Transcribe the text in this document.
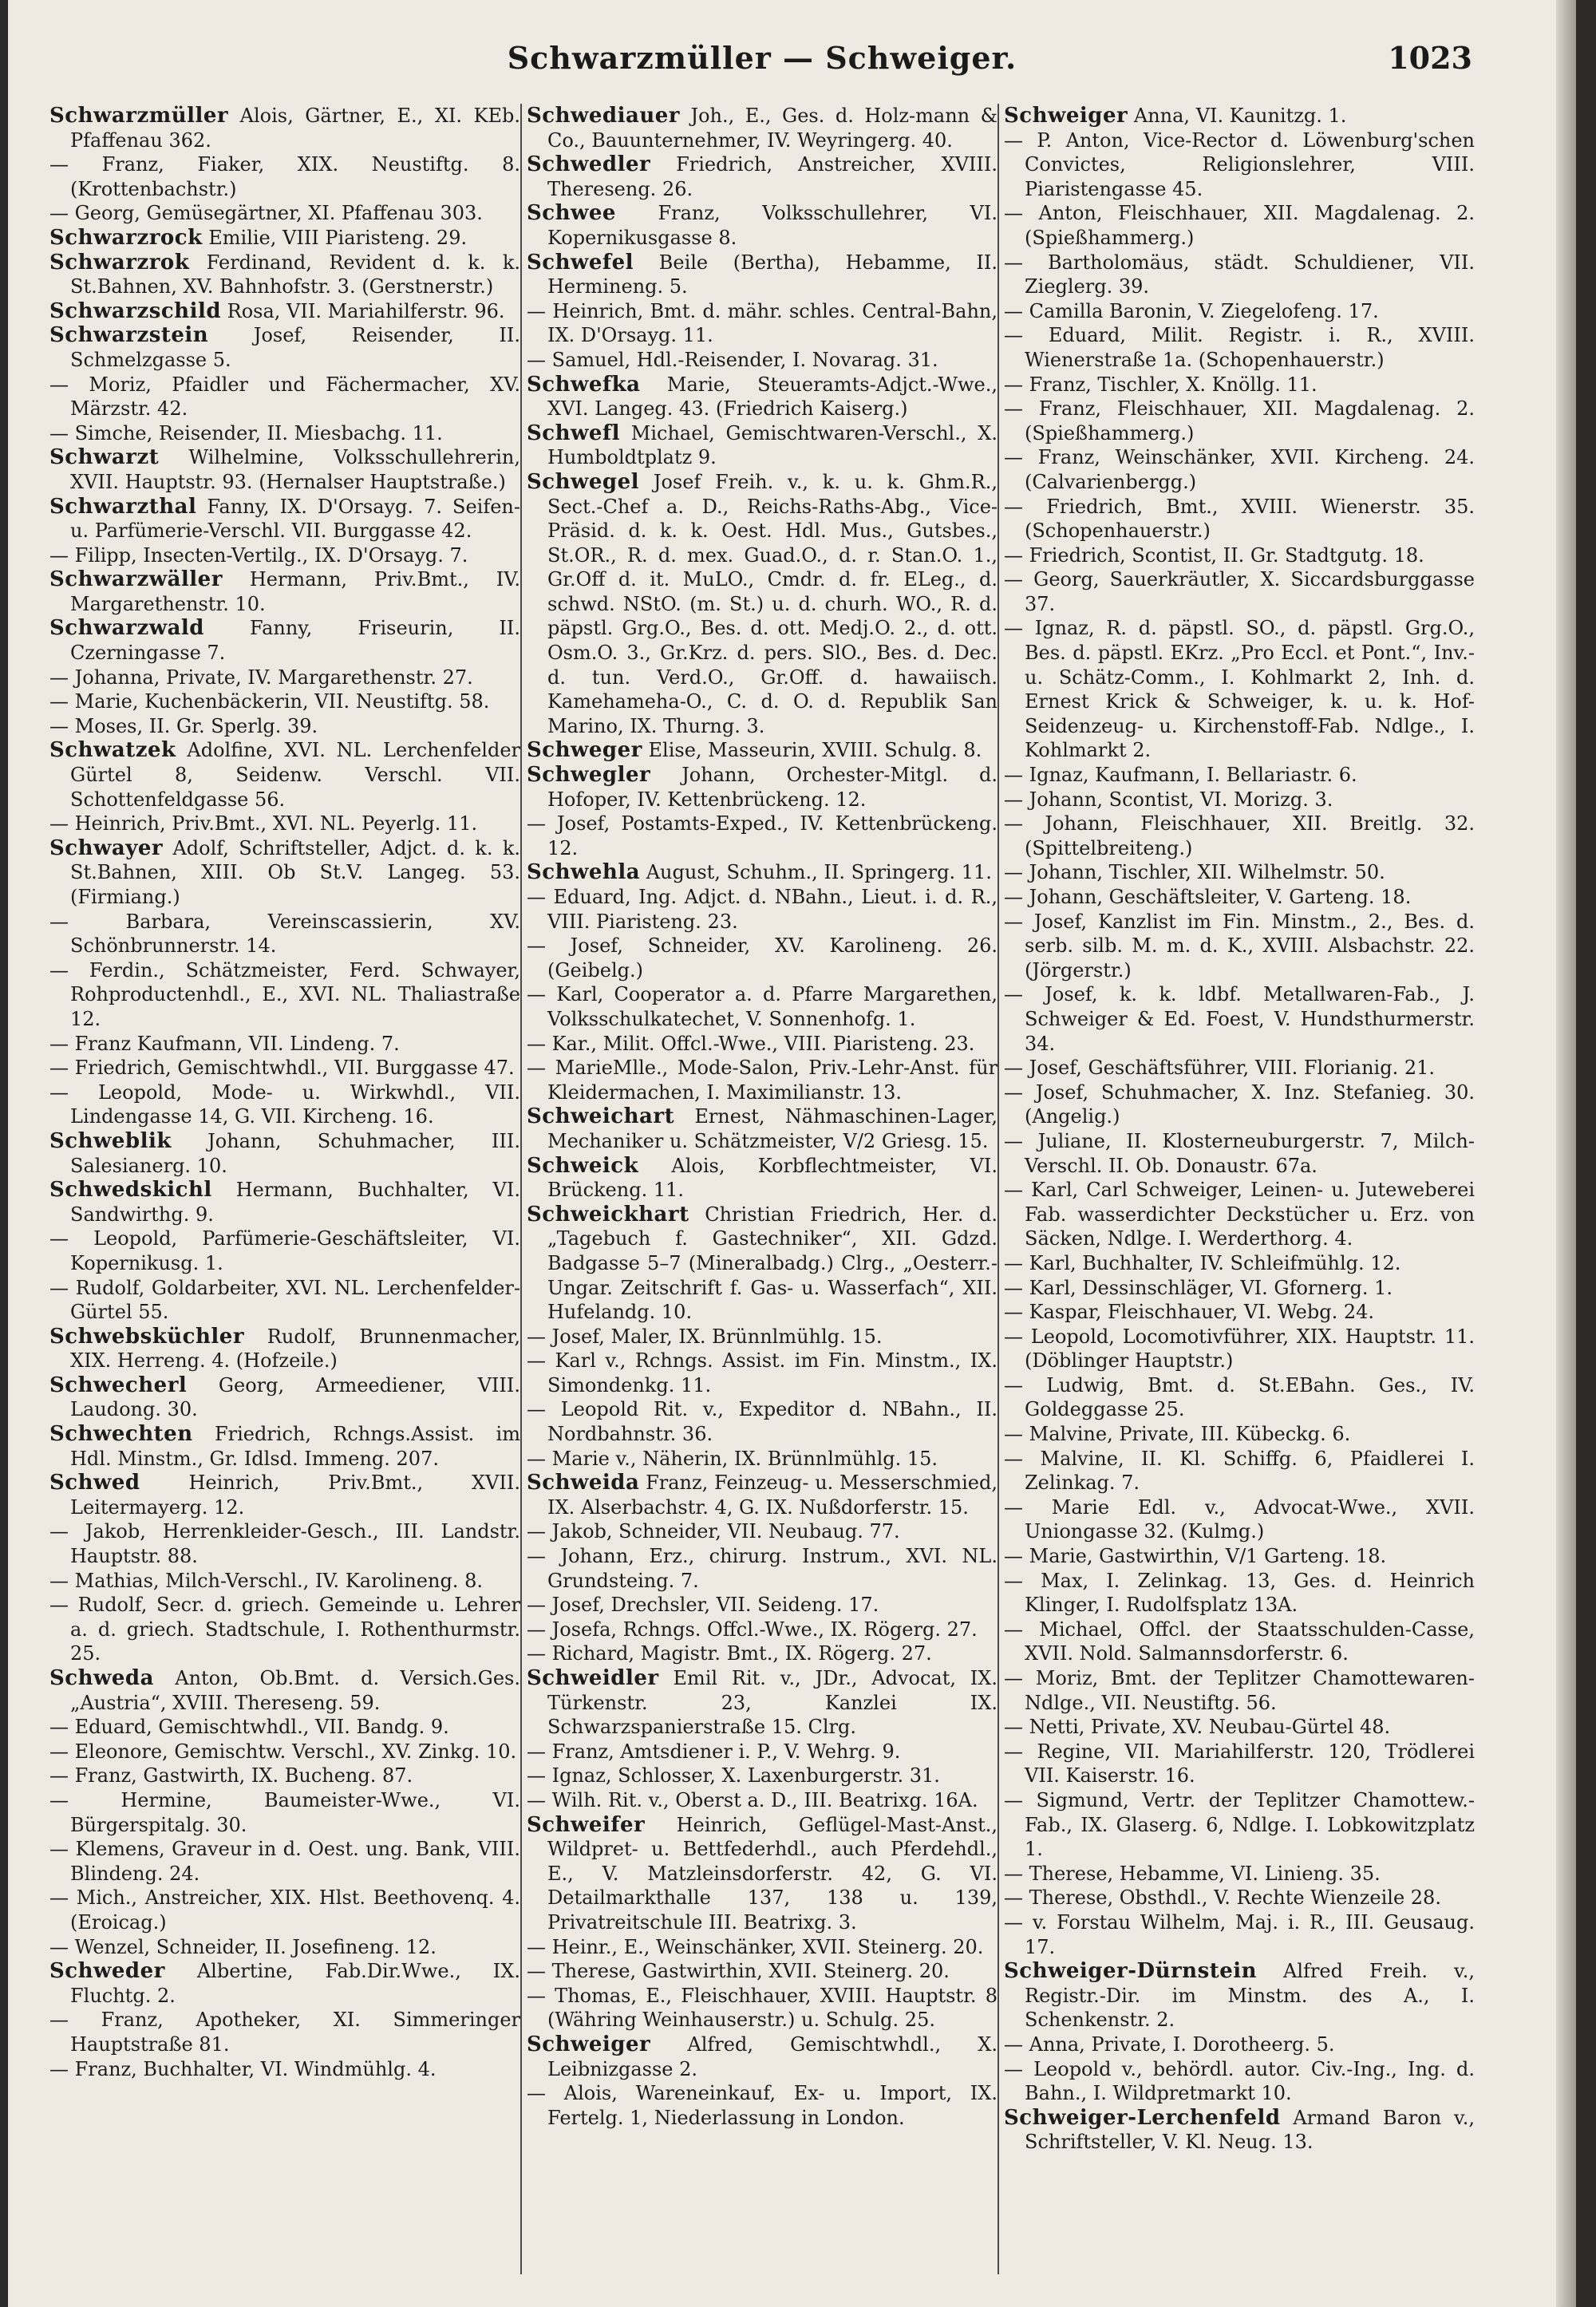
Schwarzmüller — Schweiger.	1023

Schwarzmüller Alois, Gärtner, E., XI. KEb. Pfaffenau 362.

— Franz, Fiaker, XIX. Neustiftg. 8. (Krottenbachstr.)

— Georg, Gemüsegärtner, XI. Pfaffenau 303.

Schwarzrock Emilie, VIII Piaristeng. 29.

Schwarzrok Ferdinand, Revident d. k. k. St.Bahnen, XV. Bahnhofstr. 3. (Gerstnerstr.)

Schwarzschild Rosa, VII. Mariahilferstr. 96.

Schwarzstein Josef, Reisender, II. Schmelzgasse 5.

— Moriz, Pfaidler und Fächermacher, XV. Märzstr. 42.

— Simche, Reisender, II. Miesbachg. 11.

Schwarzt Wilhelmine, Volksschullehrerin, XVII. Hauptstr. 93. (Hernalser Hauptstraße.)

Schwarzthal Fanny, IX. D'Orsayg. 7. Seifen- u. Parfümerie-Verschl. VII. Burggasse 42.

— Filipp, Insecten-Vertilg., IX. D'Orsayg. 7.

Schwarzwäller Hermann, Priv.Bmt., IV. Margarethenstr. 10.

Schwarzwald Fanny, Friseurin, II. Czerningasse 7.

— Johanna, Private, IV. Margarethenstr. 27.

— Marie, Kuchenbäckerin, VII. Neustiftg. 58.

— Moses, II. Gr. Sperlg. 39.

Schwatzek Adolfine, XVI. NL. Lerchenfelder Gürtel 8, Seidenw. Verschl. VII. Schottenfeldgasse 56.

— Heinrich, Priv.Bmt., XVI. NL. Peyerlg. 11.

Schwayer Adolf, Schriftsteller, Adjct. d. k. k. St.Bahnen, XIII. Ob St.V. Langeg. 53. (Firmiang.)

— Barbara, Vereinscassierin, XV. Schönbrunnerstr. 14.

— Ferdin., Schätzmeister, Ferd. Schwayer, Rohproductenhdl., E., XVI. NL. Thaliastraße 12.

— Franz Kaufmann, VII. Lindeng. 7.

— Friedrich, Gemischtwhdl., VII. Burggasse 47.

— Leopold, Mode- u. Wirkwhdl., VII. Lindengasse 14, G. VII. Kircheng. 16.

Schweblik Johann, Schuhmacher, III. Salesianerg. 10.

Schwedskichl Hermann, Buchhalter, VI. Sandwirthg. 9.

— Leopold, Parfümerie-Geschäftsleiter, VI. Kopernikusg. 1.

— Rudolf, Goldarbeiter, XVI. NL. Lerchenfelder-Gürtel 55.

Schwebsküchler Rudolf, Brunnenmacher, XIX. Herreng. 4. (Hofzeile.)

Schwecherl Georg, Armeediener, VIII. Laudong. 30.

Schwechten Friedrich, Rchngs.Assist. im Hdl. Minstm., Gr. Idlsd. Immeng. 207.

Schwed	Heinrich, Priv.Bmt., XVII. Leitermayerg. 12.

— Jakob, Herrenkleider-Gesch., III. Landstr. Hauptstr. 88.

— Mathias, Milch-Verschl., IV. Karolineng. 8.

— Rudolf, Secr. d. griech. Gemeinde u. Lehrer a. d. griech. Stadtschule, I. Rothenthurmstr. 25.

Schweda Anton, Ob.Bmt. d. Versich.Ges. „Austria“, XVIII. Thereseng. 59.

— Eduard, Gemischtwhdl., VII. Bandg. 9.

— Eleonore, Gemischtw. Verschl., XV. Zinkg. 10.

— Franz, Gastwirth, IX. Bucheng. 87.

— Hermine, Baumeister-Wwe., VI. Bürgerspitalg. 30.

— Klemens, Graveur in d. Oest. ung. Bank, VIII. Blindeng. 24.

— Mich., Anstreicher, XIX. Hlst. Beethovenq. 4. (Eroicag.)

— Wenzel, Schneider, II. Josefineng. 12.

Schweder Albertine, Fab.Dir.Wwe., IX. Fluchtg. 2.

— Franz, Apotheker, XI. Simmeringer Hauptstraße 81.

— Franz, Buchhalter, VI. Windmühlg. 4.

Schwediauer Joh., E., Ges. d. Holz-mann & Co., Bauunternehmer, IV. Weyringerg. 40.

Schwedler Friedrich, Anstreicher, XVIII. Thereseng. 26.

Schwee Franz, Volksschullehrer, VI. Kopernikusgasse 8.

Schwefel Beile (Bertha), Hebamme, II. Hermineng. 5.

— Heinrich, Bmt. d. mähr. schles. Central-Bahn, IX. D'Orsayg. 11.

— Samuel, Hdl.-Reisender, I. Novarag. 31.

Schwefka Marie, Steueramts-Adjct.-Wwe., XVI. Langeg. 43. (Friedrich Kaiserg.)

Schwefl Michael, Gemischtwaren-Verschl., X. Humboldtplatz 9.

Schwegel Josef Freih. v., k. u. k. Ghm.R., Sect.-Chef a. D., Reichs-Raths-Abg., Vice-Präsid. d. k. k. Oest. Hdl. Mus., Gutsbes., St.OR., R. d. mex. Guad.O., d. r. Stan.O. 1., Gr.Off d. it. MuLO., Cmdr. d. fr. ELeg., d. schwd. NStO. (m. St.) u. d. churh. WO., R. d. päpstl. Grg.O., Bes. d. ott. Medj.O. 2., d. ott. Osm.O. 3., Gr.Krz. d. pers. SlO., Bes. d. Dec. d. tun. Verd.O., Gr.Off. d. hawaiisch. Kamehameha-O., C. d. O. d. Republik San Marino, IX. Thurng. 3.

Schweger Elise, Masseurin, XVIII. Schulg. 8.

Schwegler Johann, Orchester-Mitgl. d. Hofoper, IV. Kettenbrückeng. 12.

— Josef, Postamts-Exped., IV. Kettenbrückeng. 12.

Schwehla August, Schuhm., II. Springerg. 11.

— Eduard, Ing. Adjct. d. NBahn., Lieut. i. d. R., VIII. Piaristeng. 23.

— Josef, Schneider, XV. Karolineng. 26. (Geibelg.)

— Karl, Cooperator a. d. Pfarre Margarethen, Volksschulkatechet, V. Sonnenhofg. 1.

— Kar., Milit. Offcl.-Wwe., VIII. Piaristeng. 23.

— MarieMlle., Mode-Salon, Priv.-Lehr-Anst. für Kleidermachen, I. Maximilianstr. 13.

Schweichart Ernest, Nähmaschinen-Lager, Mechaniker u. Schätzmeister, V/2 Griesg. 15.

Schweick Alois, Korbflechtmeister, VI. Brückeng. 11.

Schweickhart Christian Friedrich, Her. d. „Tagebuch f. Gastechniker“, XII. Gdzd. Badgasse 5–7 (Mineralbadg.) Clrg., „Oesterr.-Ungar. Zeitschrift f. Gas- u. Wasserfach“, XII. Hufelandg. 10.

— Josef, Maler, IX. Brünnlmühlg. 15.

— Karl v., Rchngs. Assist. im Fin. Minstm., IX. Simondenkg. 11.

— Leopold Rit. v., Expeditor d. NBahn., II. Nordbahnstr. 36.

— Marie v., Näherin, IX. Brünnlmühlg. 15.

Schweida Franz, Feinzeug- u. Messerschmied, IX. Alserbachstr. 4, G. IX. Nußdorferstr. 15.

— Jakob, Schneider, VII. Neubaug. 77.

— Johann, Erz., chirurg. Instrum., XVI. NL. Grundsteing. 7.

— Josef, Drechsler, VII. Seideng. 17.

— Josefa, Rchngs. Offcl.-Wwe., IX. Rögerg. 27.

— Richard, Magistr. Bmt., IX. Rögerg. 27.

Schweidler Emil Rit. v., JDr., Advocat, IX. Türkenstr. 23, Kanzlei IX. Schwarzspanierstraße 15. Clrg.

— Franz, Amtsdiener i. P., V. Wehrg. 9.

— Ignaz, Schlosser, X. Laxenburgerstr. 31.

— Wilh. Rit. v., Oberst a. D., III. Beatrixg. 16A.

Schweifer Heinrich, Geflügel-Mast-Anst., Wildpret- u. Bettfederhdl., auch Pferdehdl., E., V. Matzleinsdorferstr. 42, G. VI. Detailmarkthalle 137, 138 u. 139, Privatreitschule III. Beatrixg. 3.

— Heinr., E., Weinschänker, XVII. Steinerg. 20.

— Therese, Gastwirthin, XVII. Steinerg. 20.

— Thomas, E., Fleischhauer, XVIII. Hauptstr. 8 (Währing Weinhauserstr.) u. Schulg. 25.

Schweiger Alfred, Gemischtwhdl., X. Leibnizgasse 2.

— Alois, Wareneinkauf, Ex- u. Import, IX. Fertelg. 1, Niederlassung in London.

Schweiger Anna, VI. Kaunitzg. 1.

— P. Anton, Vice-Rector d. Löwenburg'schen Convictes, Religionslehrer, VIII. Piaristengasse 45.

— Anton, Fleischhauer, XII. Magdalenag. 2. (Spießhammerg.)

— Bartholomäus, städt. Schuldiener, VII. Zieglerg. 39.

— Camilla Baronin, V. Ziegelofeng. 17.

— Eduard, Milit. Registr. i. R., XVIII. Wienerstraße 1a. (Schopenhauerstr.)

— Franz, Tischler, X. Knöllg. 11.

— Franz, Fleischhauer, XII. Magdalenag. 2. (Spießhammerg.)

— Franz, Weinschänker, XVII. Kircheng. 24. (Calvarienbergg.)

— Friedrich, Bmt., XVIII. Wienerstr. 35. (Schopenhauerstr.)

— Friedrich, Scontist, II. Gr. Stadtgutg. 18.

— Georg, Sauerkräutler, X. Siccardsburggasse 37.

— Ignaz, R. d. päpstl. SO., d. päpstl. Grg.O., Bes. d. päpstl. EKrz. „Pro Eccl. et Pont.“, Inv.- u. Schätz-Comm., I. Kohlmarkt 2, Inh. d. Ernest Krick & Schweiger, k. u. k. Hof-Seidenzeug- u. Kirchenstoff-Fab. Ndlge., I. Kohlmarkt 2.

— Ignaz, Kaufmann, I. Bellariastr. 6.

— Johann, Scontist, VI. Morizg. 3.

— Johann, Fleischhauer, XII. Breitlg. 32. (Spittelbreiteng.)

— Johann, Tischler, XII. Wilhelmstr. 50.

— Johann, Geschäftsleiter, V. Garteng. 18.

— Josef, Kanzlist im Fin. Minstm., 2., Bes. d. serb. silb. M. m. d. K., XVIII. Alsbachstr. 22. (Jörgerstr.)

— Josef, k. k. ldbf. Metallwaren-Fab., J. Schweiger & Ed. Foest, V. Hundsthurmerstr. 34.

— Josef, Geschäftsführer, VIII. Florianig. 21.

— Josef, Schuhmacher, X. Inz. Stefanieg. 30. (Angelig.)

— Juliane, II. Klosterneuburgerstr. 7, Milch-Verschl. II. Ob. Donaustr. 67a.

— Karl, Carl Schweiger, Leinen- u. Juteweberei Fab. wasserdichter Deckstücher u. Erz. von Säcken, Ndlge. I. Werderthorg. 4.

— Karl, Buchhalter, IV. Schleifmühlg. 12.

— Karl, Dessinschläger, VI. Gfornerg. 1.

— Kaspar, Fleischhauer, VI. Webg. 24.

— Leopold, Locomotivführer, XIX. Hauptstr. 11. (Döblinger Hauptstr.)

— Ludwig, Bmt. d. St.EBahn. Ges., IV. Goldeggasse 25.

— Malvine, Private, III. Kübeckg. 6.

— Malvine, II. Kl. Schiffg. 6, Pfaidlerei I. Zelinkag. 7.

— Marie Edl. v., Advocat-Wwe., XVII. Uniongasse 32. (Kulmg.)

— Marie, Gastwirthin, V/1 Garteng. 18.

— Max, I. Zelinkag. 13, Ges. d. Heinrich Klinger, I. Rudolfsplatz 13A.

— Michael, Offcl. der Staatsschulden-Casse, XVII. Nold. Salmannsdorferstr. 6.

— Moriz, Bmt. der Teplitzer Chamottewaren-Ndlge., VII. Neustiftg. 56.

— Netti, Private, XV. Neubau-Gürtel 48.

— Regine, VII. Mariahilferstr. 120, Trödlerei VII. Kaiserstr. 16.

— Sigmund, Vertr. der Teplitzer Chamottew.-Fab., IX. Glaserg. 6, Ndlge. I. Lobkowitzplatz 1.

— Therese, Hebamme, VI. Linieng. 35.

— Therese, Obsthdl., V. Rechte Wienzeile 28.

— v. Forstau Wilhelm, Maj. i. R., III. Geusaug. 17.

Schweiger-Dürnstein Alfred Freih. v., Registr.-Dir. im Minstm. des A., I. Schenkenstr. 2.

— Anna, Private, I. Dorotheerg. 5.

— Leopold v., behördl. autor. Civ.-Ing., Ing. d. Bahn., I. Wildpretmarkt 10.

Schweiger-Lerchenfeld Armand Baron v., Schriftsteller, V. Kl. Neug. 13.
